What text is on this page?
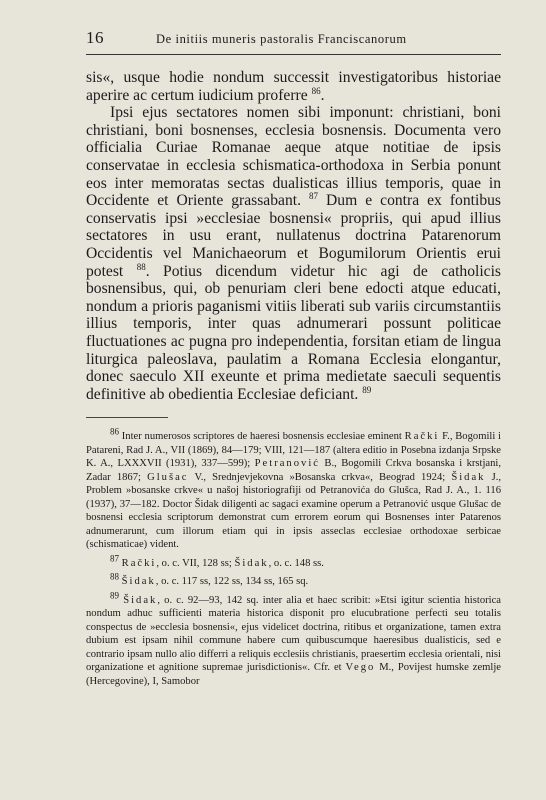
16	De initiis muneris pastoralis Franciscanorum

sis«, usque hodie nondum successit investigatoribus historiae aperire ac certum iudicium proferre $^{86}$.

Ipsi ejus sectatores nomen sibi imponunt: christiani, boni christiani, boni bosnenses, ecclesia bosnensis. Documenta vero officialia Curiae Romanae aeque atque notitiae de ipsis conservatae in ecclesia schismatica-orthodoxa in Serbia ponunt eos inter memoratas sectas dualisticas illius temporis, quae in Occidente et Oriente grassabant. $^{87}$ Dum e contra ex fontibus conservatis ipsi »ecclesiae bosnensi« propriis, qui apud illius sectatores in usu erant, nullatenus doctrina Patarenorum Occidentis vel Manichaeorum et Bogumilorum Orientis erui potest $^{88}$. Potius dicendum videtur hic agi de catholicis bosnensibus, qui, ob penuriam cleri bene edocti atque educati, nondum a prioris paganismi vitiis liberati sub variis circumstantiis illius temporis, inter quas adnumerari possunt politicae fluctuationes ac pugna pro independentia, forsitan etiam de lingua liturgica paleoslava, paulatim a Romana Ecclesia elongantur, donec saeculo XII exeunte et prima medietate saeculi sequentis definitive ab obedientia Ecclesiae deficiant. $^{89}$

$^{86}$ Inter numerosos scriptores de haeresi bosnensis ecclesiae eminent Rački F., Bogomili i Patareni, Rad J. A., VII (1869), 84—179; VIII, 121—187 (altera editio in Posebna izdanja Srpske K. A., LXXXVII (1931), 337—599); Petranović B., Bogomili Crkva bosanska i krstjani, Zadar 1867; Glušac V., Srednjevjekovna »Bosanska crkva«, Beograd 1924; Šidak J., Problem »bosanske crkve« u našoj historiografiji od Petranovića do Glušca, Rad J. A., 1. 116 (1937), 37—182. Doctor Šidak diligenti ac sagaci examine operum a Petranović usque Glušac de bosnensi ecclesia scriptorum demonstrat cum errorem eorum qui Bosnenses inter Patarenos adnumerarunt, cum illorum etiam qui in ipsis asseclas ecclesiae orthodoxae serbicae (schismaticae) vident.

$^{87}$ Rački, o. c. VII, 128 ss; Šidak, o. c. 148 ss.

$^{88}$ Šidak, o. c. 117 ss, 122 ss, 134 ss, 165 sq.

$^{89}$ Šidak, o. c. 92—93, 142 sq. inter alia et haec scribit: »Etsi igitur scientia historica nondum adhuc sufficienti materia historica disponit pro elucubratione perfecti seu totalis conspectus de »ecclesia bosnensi«, ejus videlicet doctrina, ritibus et organizatione, tamen extra dubium est ipsam nihil commune habere cum quibuscumque haeresibus dualisticis, sed e contrario ipsam nullo alio differri a reliquis ecclesiis christianis, praesertim ecclesia orientali, nisi organizatione et agnitione supremae jurisdictionis«. Cfr. et Vego M., Povijest humske zemlje (Hercegovine), I, Samobor
